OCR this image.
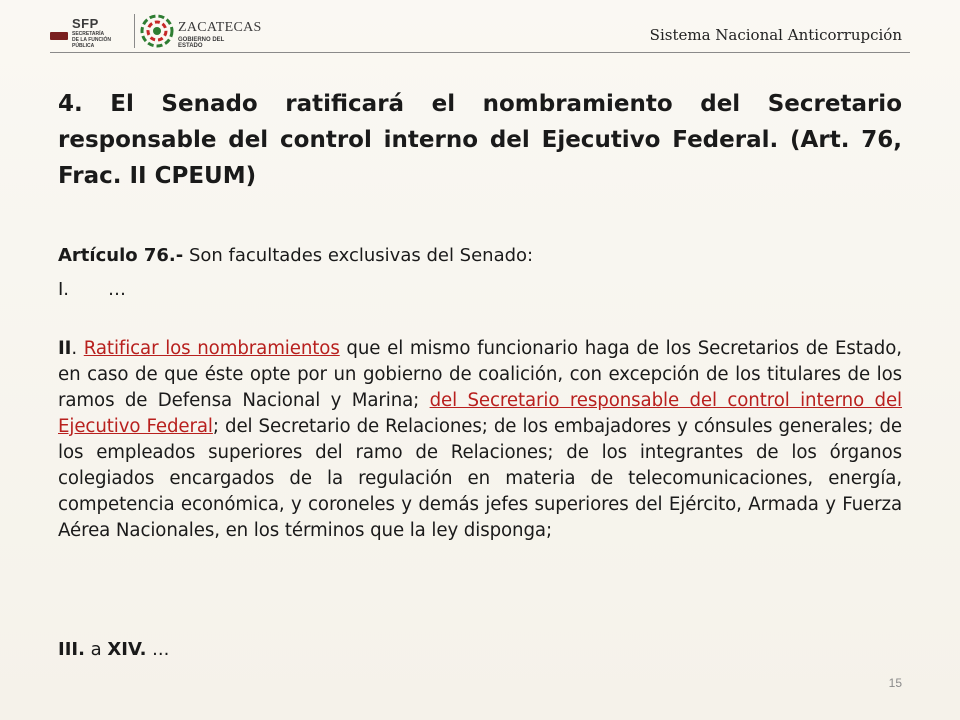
SFP
SECRETARÍA
DE LA FUNCIÓN PÚBLICA
ZACATECAS
GOBIERNO DEL ESTADO
Sistema Nacional Anticorrupción
4. El Senado ratificará el nombramiento del Secretario responsable del control interno del Ejecutivo Federal. (Art. 76, Frac. II CPEUM)
Artículo 76.- Son facultades exclusivas del Senado:
I. …
II. Ratificar los nombramientos que el mismo funcionario haga de los Secretarios de Estado, en caso de que éste opte por un gobierno de coalición, con excepción de los titulares de los ramos de Defensa Nacional y Marina; del Secretario responsable del control interno del Ejecutivo Federal; del Secretario de Relaciones; de los embajadores y cónsules generales; de los empleados superiores del ramo de Relaciones; de los integrantes de los órganos colegiados encargados de la regulación en materia de telecomunicaciones, energía, competencia económica, y coroneles y demás jefes superiores del Ejército, Armada y Fuerza Aérea Nacionales, en los términos que la ley disponga;
III. a XIV. ...
15
